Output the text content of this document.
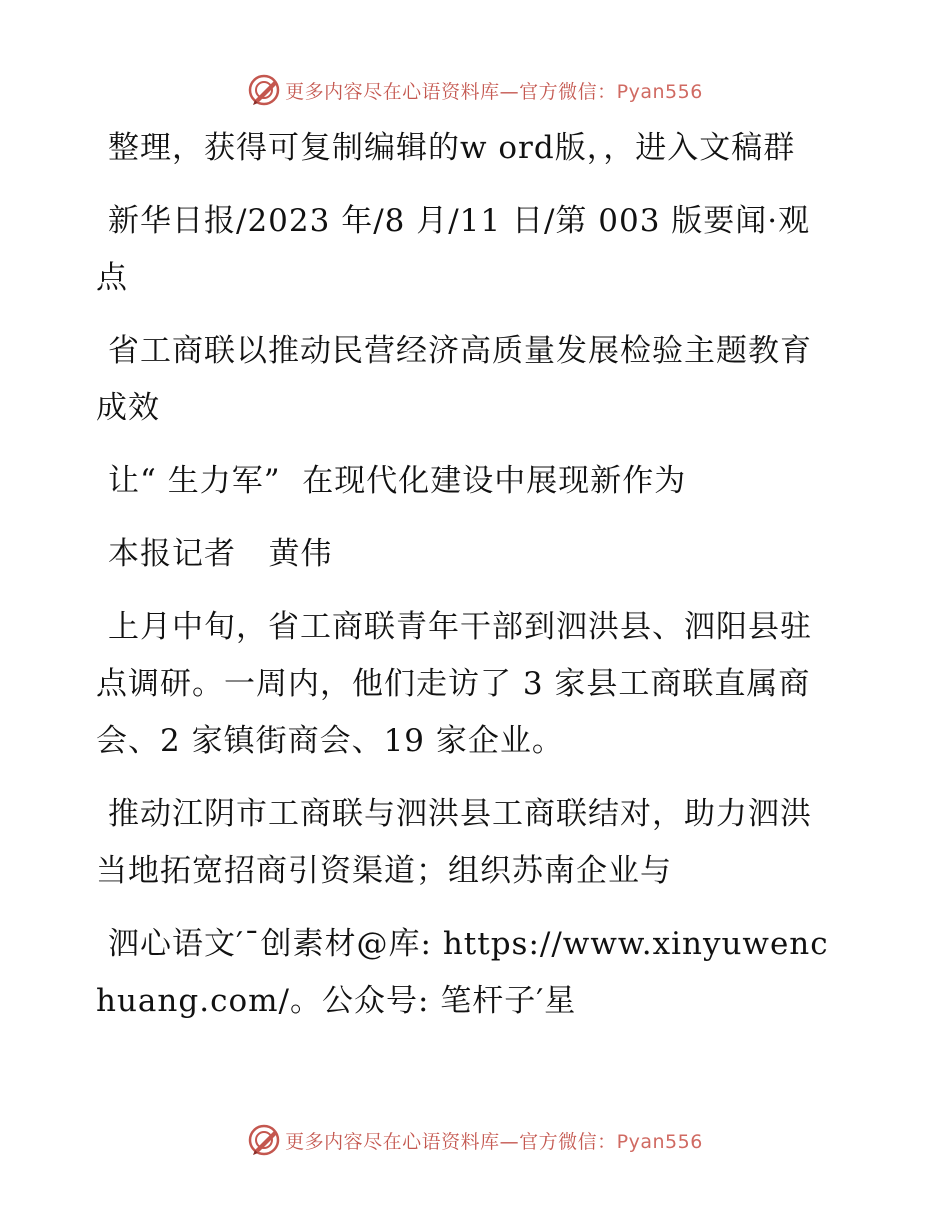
更多内容尽在心语资料库—官方微信：Pyan556

整理，获得可复制编辑的w ord版，，进入文稿群

新华日报/2023 年/8 月/11 日/第 003 版要闻·观点

省工商联以推动民营经济高质量发展检验主题教育成效

让“ 生力军”  在现代化建设中展现新作为

本报记者   黄伟

上月中旬，省工商联青年干部到泗洪县、泗阳县驻点调研。一周内，他们走访了 3 家县工商联直属商会、2 家镇街商会、19 家企业。

推动江阴市工商联与泗洪县工商联结对，助力泗洪当地拓宽招商引资渠道；组织苏南企业与

泗心语文′¯创素材@库: https://www.xinyuwenchuang.com/。公众号: 笔杆子′星

更多内容尽在心语资料库—官方微信：Pyan556
